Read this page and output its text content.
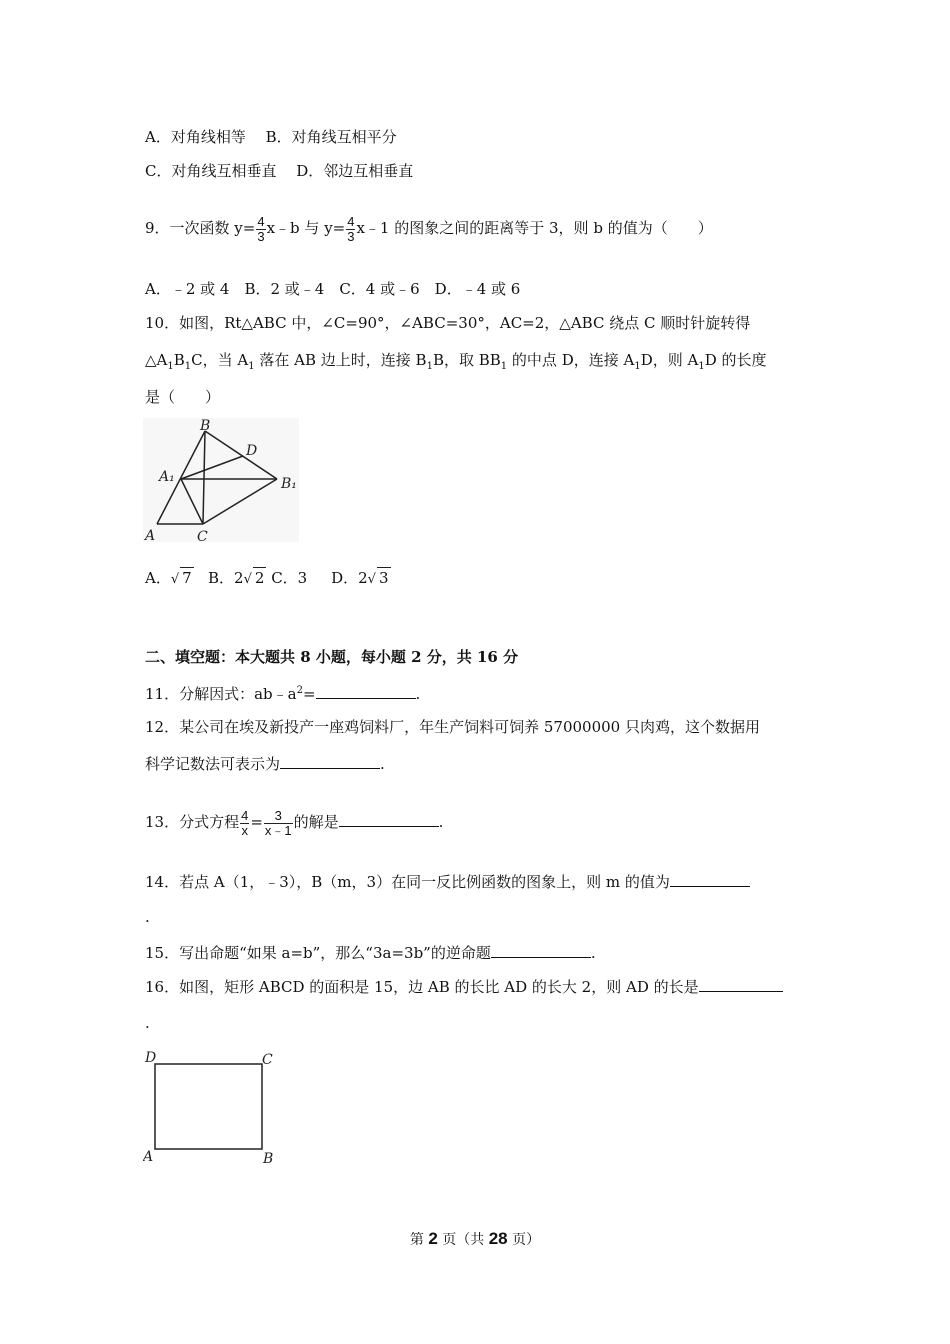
A．对角线相等　 B．对角线互相平分
C．对角线互相垂直　 D．邻边互相垂直
9．一次函数 $y= \frac{4}{3}$ x﹣b 与 $y= \frac{4}{3}$ x﹣1 的图象之间的距离等于 3，则 b 的值为（　　）
A．﹣2 或 4　B．2 或﹣4　C．4 或﹣6　D．﹣4 或 6
10．如图，Rt△ABC 中，∠C=90°，∠ABC=30°，AC=2，△ABC 绕点 C 顺时针旋转得
$\triangle A_1B_1C$，当 $A_1$ 落在 AB 边上时，连接 $B_1B$，取 $BB_1$ 的中点 D，连接 $A_1D$，则 $A_1D$ 的长度
是（　　）
B
D
A₁	B₁
A	C
A．√ 7 B．2√ 2 C．3 D．2√ 3
二、填空题：本大题共 8 小题，每小题 2 分，共 16 分
11．分解因式：$ab﹣a^2=$	.
12．某公司在埃及新投产一座鸡饲料厂，年生产饲料可饲养 57000000 只肉鸡，这个数据用
科学记数法可表示为	.
13．分式方程 $\frac{4}{x} = \frac{3}{x﹣1}$ 的解是	.
14．若点 A（1，﹣3），B（m，3）在同一反比例函数的图象上，则 m 的值为
.
15．写出命题“如果 a=b”，那么“3a=3b”的逆命题	.
16．如图，矩形 ABCD 的面积是 15，边 AB 的长比 AD 的长大 2，则 AD 的长是
.
D	C
A	B
第 2 页（共 28 页）
